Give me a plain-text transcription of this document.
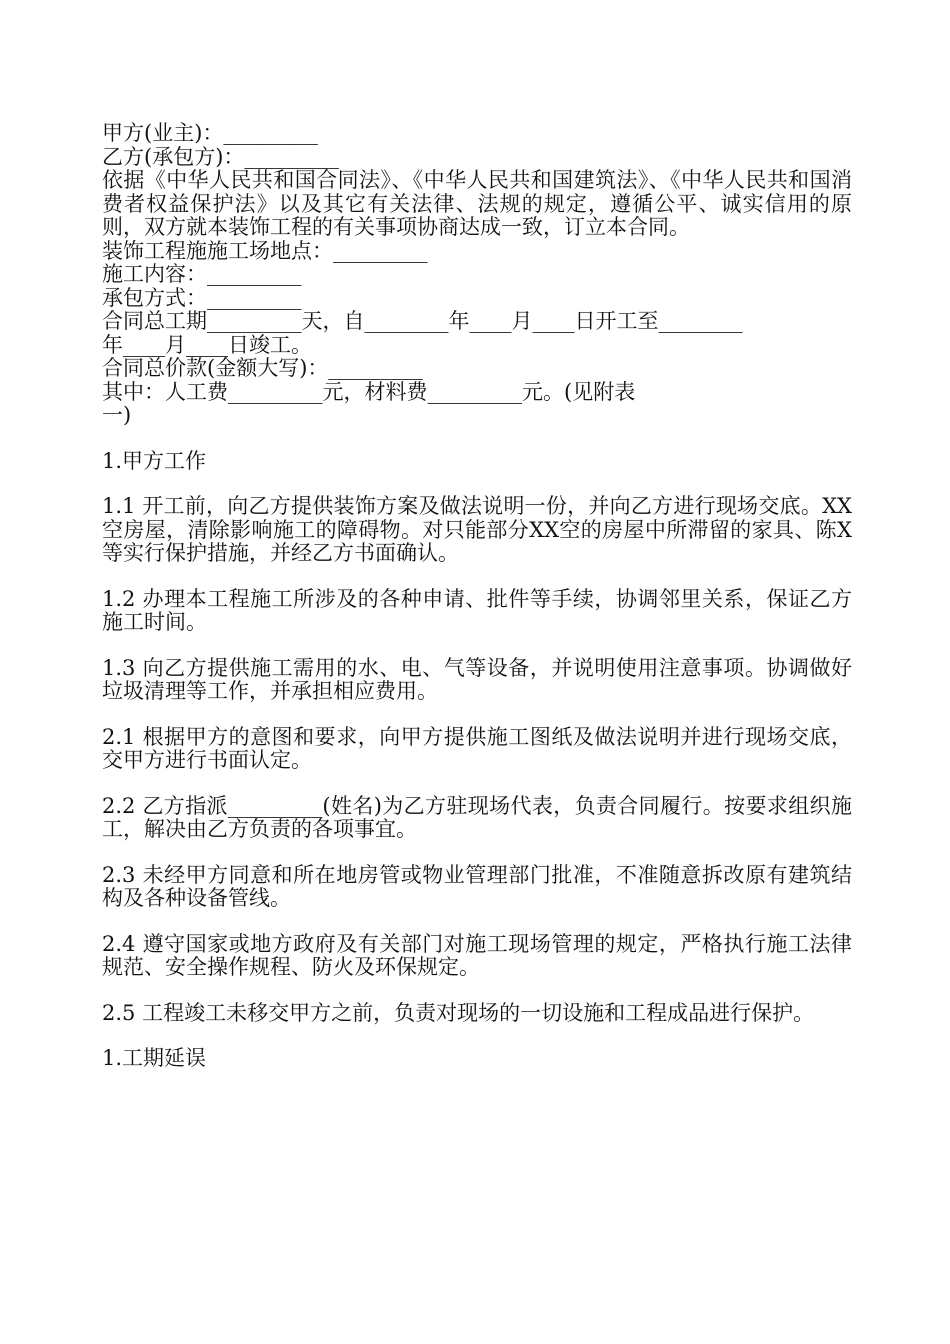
甲方(业主)：_________
乙方(承包方)：_________
依据《中华人民共和国合同法》、《中华人民共和国建筑法》、《中华人民共和国消费者权益保护法》以及其它有关法律、法规的规定，遵循公平、诚实信用的原则，双方就本装饰工程的有关事项协商达成一致，订立本合同。
装饰工程施施工场地点：_________
施工内容：_________
承包方式：_________
合同总工期_________天，自________年____月____日开工至________
年____月____日竣工。
合同总价款(金额大写)：_________
其中：人工费_________元，材料费_________元。(见附表
一)
1.甲方工作
1.1 开工前，向乙方提供装饰方案及做法说明一份，并向乙方进行现场交底。XX空房屋，清除影响施工的障碍物。对只能部分XX空的房屋中所滞留的家具、陈X等实行保护措施，并经乙方书面确认。
1.2 办理本工程施工所涉及的各种申请、批件等手续，协调邻里关系，保证乙方施工时间。
1.3 向乙方提供施工需用的水、电、气等设备，并说明使用注意事项。协调做好垃圾清理等工作，并承担相应费用。
2.1 根据甲方的意图和要求，向甲方提供施工图纸及做法说明并进行现场交底，交甲方进行书面认定。
2.2 乙方指派_________(姓名)为乙方驻现场代表，负责合同履行。按要求组织施工，解决由乙方负责的各项事宜。
2.3 未经甲方同意和所在地房管或物业管理部门批准，不准随意拆改原有建筑结构及各种设备管线。
2.4 遵守国家或地方政府及有关部门对施工现场管理的规定，严格执行施工法律规范、安全操作规程、防火及环保规定。
2.5 工程竣工未移交甲方之前，负责对现场的一切设施和工程成品进行保护。
1.工期延误
